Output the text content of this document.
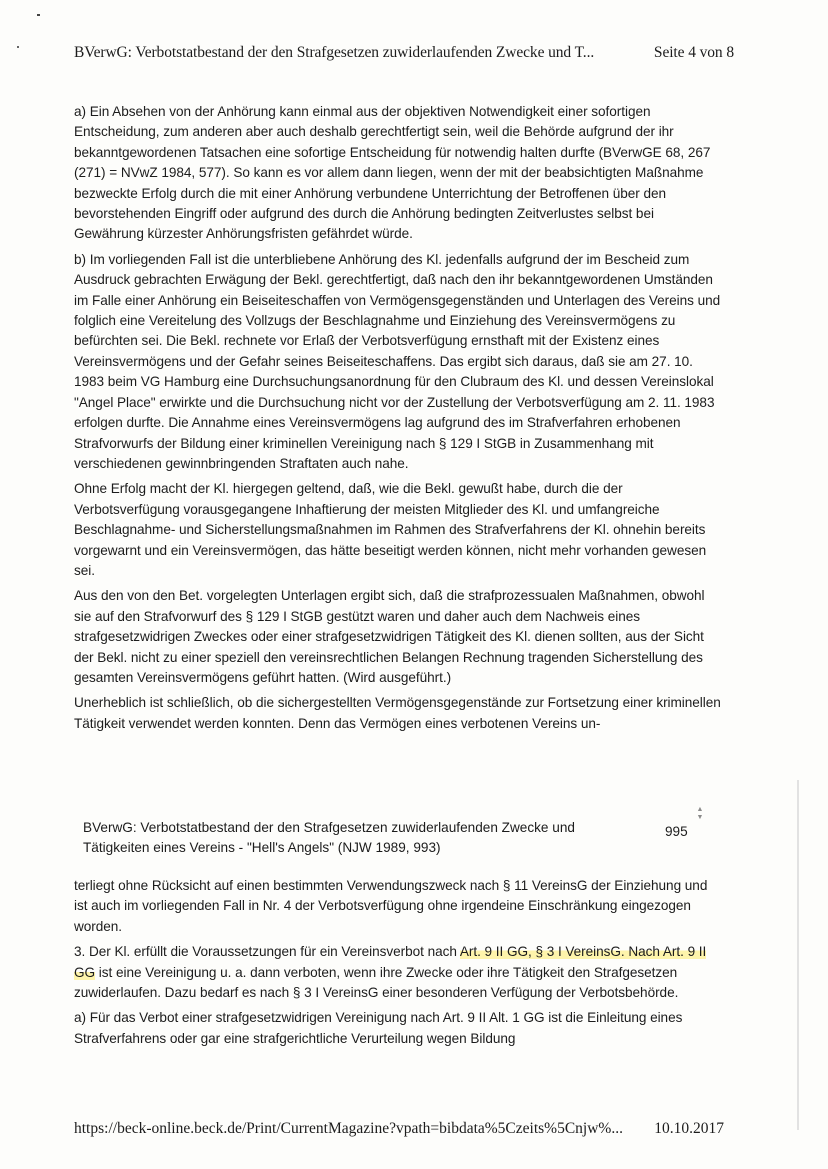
BVerwG: Verbotstatbestand der den Strafgesetzen zuwiderlaufenden Zwecke und T...	Seite 4 von 8

a) Ein Absehen von der Anhörung kann einmal aus der objektiven Notwendigkeit einer sofortigen Entscheidung, zum anderen aber auch deshalb gerechtfertigt sein, weil die Behörde aufgrund der ihr bekanntgewordenen Tatsachen eine sofortige Entscheidung für notwendig halten durfte (BVerwGE 68, 267 (271) = NVwZ 1984, 577). So kann es vor allem dann liegen, wenn der mit der beabsichtigten Maßnahme bezweckte Erfolg durch die mit einer Anhörung verbundene Unterrichtung der Betroffenen über den bevorstehenden Eingriff oder aufgrund des durch die Anhörung bedingten Zeitverlustes selbst bei Gewährung kürzester Anhörungsfristen gefährdet würde.

b) Im vorliegenden Fall ist die unterbliebene Anhörung des Kl. jedenfalls aufgrund der im Bescheid zum Ausdruck gebrachten Erwägung der Bekl. gerechtfertigt, daß nach den ihr bekanntgewordenen Umständen im Falle einer Anhörung ein Beiseiteschaffen von Vermögensgegenständen und Unterlagen des Vereins und folglich eine Vereitelung des Vollzugs der Beschlagnahme und Einziehung des Vereinsvermögens zu befürchten sei. Die Bekl. rechnete vor Erlaß der Verbotsverfügung ernsthaft mit der Existenz eines Vereinsvermögens und der Gefahr seines Beiseiteschaffens. Das ergibt sich daraus, daß sie am 27. 10. 1983 beim VG Hamburg eine Durchsuchungsanordnung für den Clubraum des Kl. und dessen Vereinslokal "Angel Place" erwirkte und die Durchsuchung nicht vor der Zustellung der Verbotsverfügung am 2. 11. 1983 erfolgen durfte. Die Annahme eines Vereinsvermögens lag aufgrund des im Strafverfahren erhobenen Strafvorwurfs der Bildung einer kriminellen Vereinigung nach § 129 I StGB in Zusammenhang mit verschiedenen gewinnbringenden Straftaten auch nahe.

Ohne Erfolg macht der Kl. hiergegen geltend, daß, wie die Bekl. gewußt habe, durch die der Verbotsverfügung vorausgegangene Inhaftierung der meisten Mitglieder des Kl. und umfangreiche Beschlagnahme- und Sicherstellungsmaßnahmen im Rahmen des Strafverfahrens der Kl. ohnehin bereits vorgewarnt und ein Vereinsvermögen, das hätte beseitigt werden können, nicht mehr vorhanden gewesen sei.

Aus den von den Bet. vorgelegten Unterlagen ergibt sich, daß die strafprozessualen Maßnahmen, obwohl sie auf den Strafvorwurf des § 129 I StGB gestützt waren und daher auch dem Nachweis eines strafgesetzwidrigen Zweckes oder einer strafgesetzwidrigen Tätigkeit des Kl. dienen sollten, aus der Sicht der Bekl. nicht zu einer speziell den vereinsrechtlichen Belangen Rechnung tragenden Sicherstellung des gesamten Vereinsvermögens geführt hatten. (Wird ausgeführt.)

Unerheblich ist schließlich, ob die sichergestellten Vermögensgegenstände zur Fortsetzung einer kriminellen Tätigkeit verwendet werden konnten. Denn das Vermögen eines verbotenen Vereins un-

BVerwG: Verbotstatbestand der den Strafgesetzen zuwiderlaufenden Zwecke und
Tätigkeiten eines Vereins - "Hell's Angels" (NJW 1989, 993)
995
▲
▼

terliegt ohne Rücksicht auf einen bestimmten Verwendungszweck nach § 11 VereinsG der Einziehung und ist auch im vorliegenden Fall in Nr. 4 der Verbotsverfügung ohne irgendeine Einschränkung eingezogen worden.

3. Der Kl. erfüllt die Voraussetzungen für ein Vereinsverbot nach Art. 9 II GG, § 3 I VereinsG. Nach Art. 9 II GG ist eine Vereinigung u. a. dann verboten, wenn ihre Zwecke oder ihre Tätigkeit den Strafgesetzen zuwiderlaufen. Dazu bedarf es nach § 3 I VereinsG einer besonderen Verfügung der Verbotsbehörde.

a) Für das Verbot einer strafgesetzwidrigen Vereinigung nach Art. 9 II Alt. 1 GG ist die Einleitung eines Strafverfahrens oder gar eine strafgerichtliche Verurteilung wegen Bildung

https://beck-online.beck.de/Print/CurrentMagazine?vpath=bibdata%5Czeits%5Cnjw%... 10.10.2017
